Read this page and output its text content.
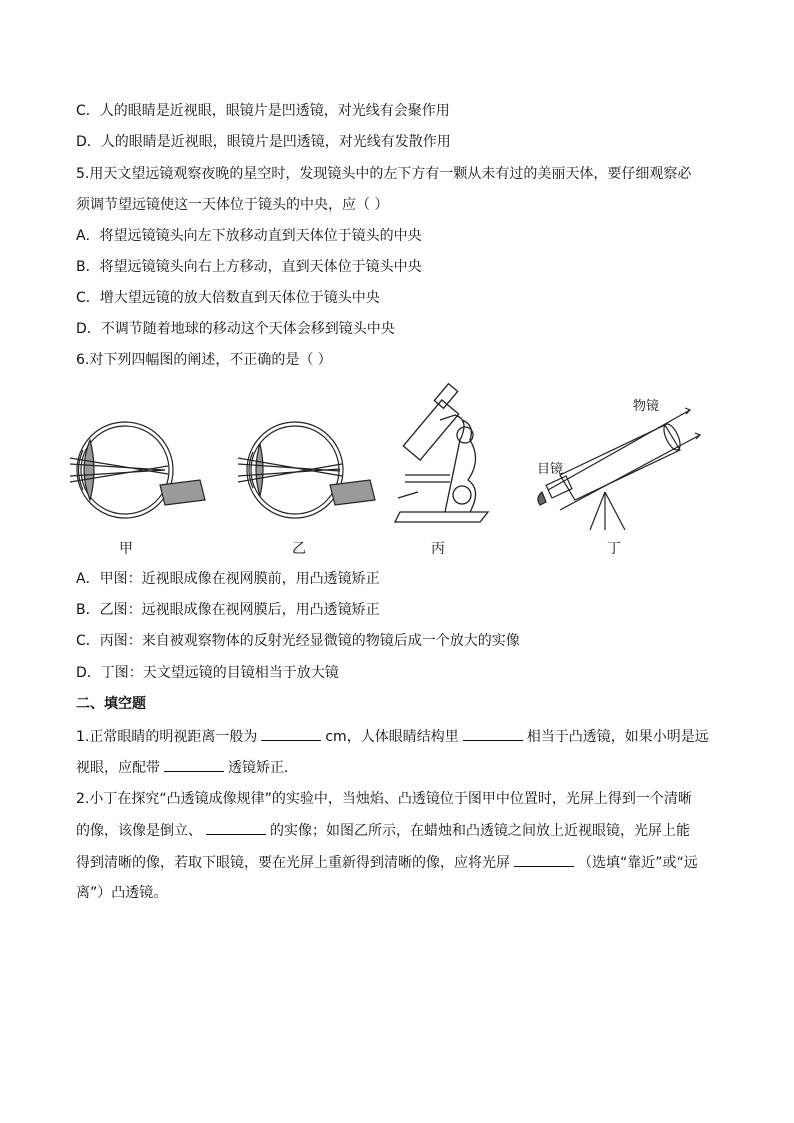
C．人的眼睛是近视眼，眼镜片是凹透镜，对光线有会聚作用
D．人的眼睛是近视眼，眼镜片是凹透镜，对光线有发散作用
5.用天文望远镜观察夜晚的星空时，发现镜头中的左下方有一颗从未有过的美丽天体，要仔细观察必
须调节望远镜使这一天体位于镜头的中央，应（ ）
A．将望远镜镜头向左下放移动直到天体位于镜头的中央
B．将望远镜镜头向右上方移动，直到天体位于镜头中央
C．增大望远镜的放大倍数直到天体位于镜头中央
D．不调节随着地球的移动这个天体会移到镜头中央
6.对下列四幅图的阐述，不正确的是（ ）
物镜
目镜
甲	乙	丙	丁
A．甲图：近视眼成像在视网膜前，用凸透镜矫正
B．乙图：远视眼成像在视网膜后，用凸透镜矫正
C．丙图：来自被观察物体的反射光经显微镜的物镜后成一个放大的实像
D．丁图：天文望远镜的目镜相当于放大镜
二、填空题
1.正常眼睛的明视距离一般为	cm，人体眼睛结构里	相当于凸透镜，如果小明是远
视眼，应配带	透镜矫正．
2.小丁在探究“凸透镜成像规律”的实验中，当烛焰、凸透镜位于图甲中位置时，光屏上得到一个清晰
的像，该像是倒立、	的实像；如图乙所示，在蜡烛和凸透镜之间放上近视眼镜，光屏上能
得到清晰的像，若取下眼镜，要在光屏上重新得到清晰的像，应将光屏	（选填“靠近”或“远
离”）凸透镜。
